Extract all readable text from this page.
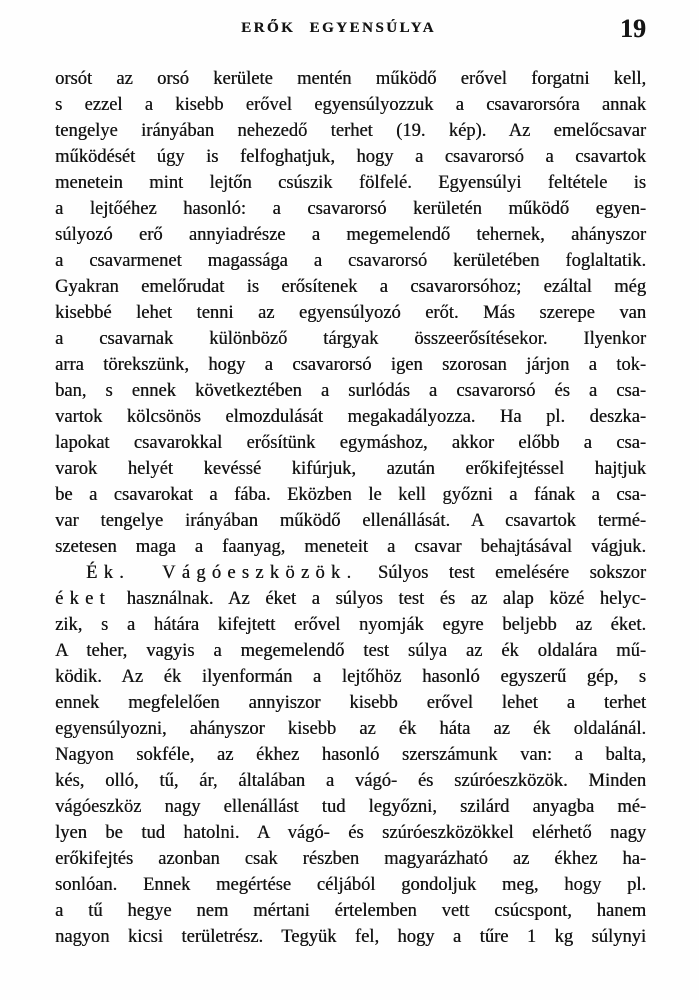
ERŐK EGYENSÚLYA	19
orsót az orsó kerülete mentén működő erővel forgatni kell,
s ezzel a kisebb erővel egyensúlyozzuk a csavarorsóra annak
tengelye irányában nehezedő terhet (19. kép). Az emelőcsavar
működését úgy is felfoghatjuk, hogy a csavarorsó a csavartok
menetein mint lejtőn csúszik fölfelé. Egyensúlyi feltétele is
a lejtőéhez hasonló: a csavarorsó kerületén működő egyen-
súlyozó erő annyiadrésze a megemelendő tehernek, ahányszor
a csavarmenet magassága a csavarorsó kerületében foglaltatik.
Gyakran emelőrudat is erősítenek a csavarorsóhoz; ezáltal még
kisebbé lehet tenni az egyensúlyozó erőt. Más szerepe van
a csavarnak különböző tárgyak összeerősítésekor. Ilyenkor
arra törekszünk, hogy a csavarorsó igen szorosan járjon a tok-
ban, s ennek következtében a surlódás a csavarorsó és a csa-
vartok kölcsönös elmozdulását megakadályozza. Ha pl. deszka-
lapokat csavarokkal erősítünk egymáshoz, akkor előbb a csa-
varok helyét kevéssé kifúrjuk, azután erőkifejtéssel hajtjuk
be a csavarokat a fába. Eközben le kell győzni a fának a csa-
var tengelye irányában működő ellenállását. A csavartok termé-
szetesen maga a faanyag, meneteit a csavar behajtásával vágjuk.
Ék. Vágóeszközök. Súlyos test emelésére sokszor
éket használnak. Az éket a súlyos test és az alap közé helyc-
zik, s a hátára kifejtett erővel nyomják egyre beljebb az éket.
A teher, vagyis a megemelendő test súlya az ék oldalára mű-
ködik. Az ék ilyenformán a lejtőhöz hasonló egyszerű gép, s
ennek megfelelően annyiszor kisebb erővel lehet a terhet
egyensúlyozni, ahányszor kisebb az ék háta az ék oldalánál.
Nagyon sokféle, az ékhez hasonló szerszámunk van: a balta,
kés, olló, tű, ár, általában a vágó- és szúróeszközök. Minden
vágóeszköz nagy ellenállást tud legyőzni, szilárd anyagba mé-
lyen be tud hatolni. A vágó- és szúróeszközökkel elérhető nagy
erőkifejtés azonban csak részben magyarázható az ékhez ha-
sonlóan. Ennek megértése céljából gondoljuk meg, hogy pl.
a tű hegye nem mértani értelemben vett csúcspont, hanem
nagyon kicsi területrész. Tegyük fel, hogy a tűre 1 kg súlynyi
